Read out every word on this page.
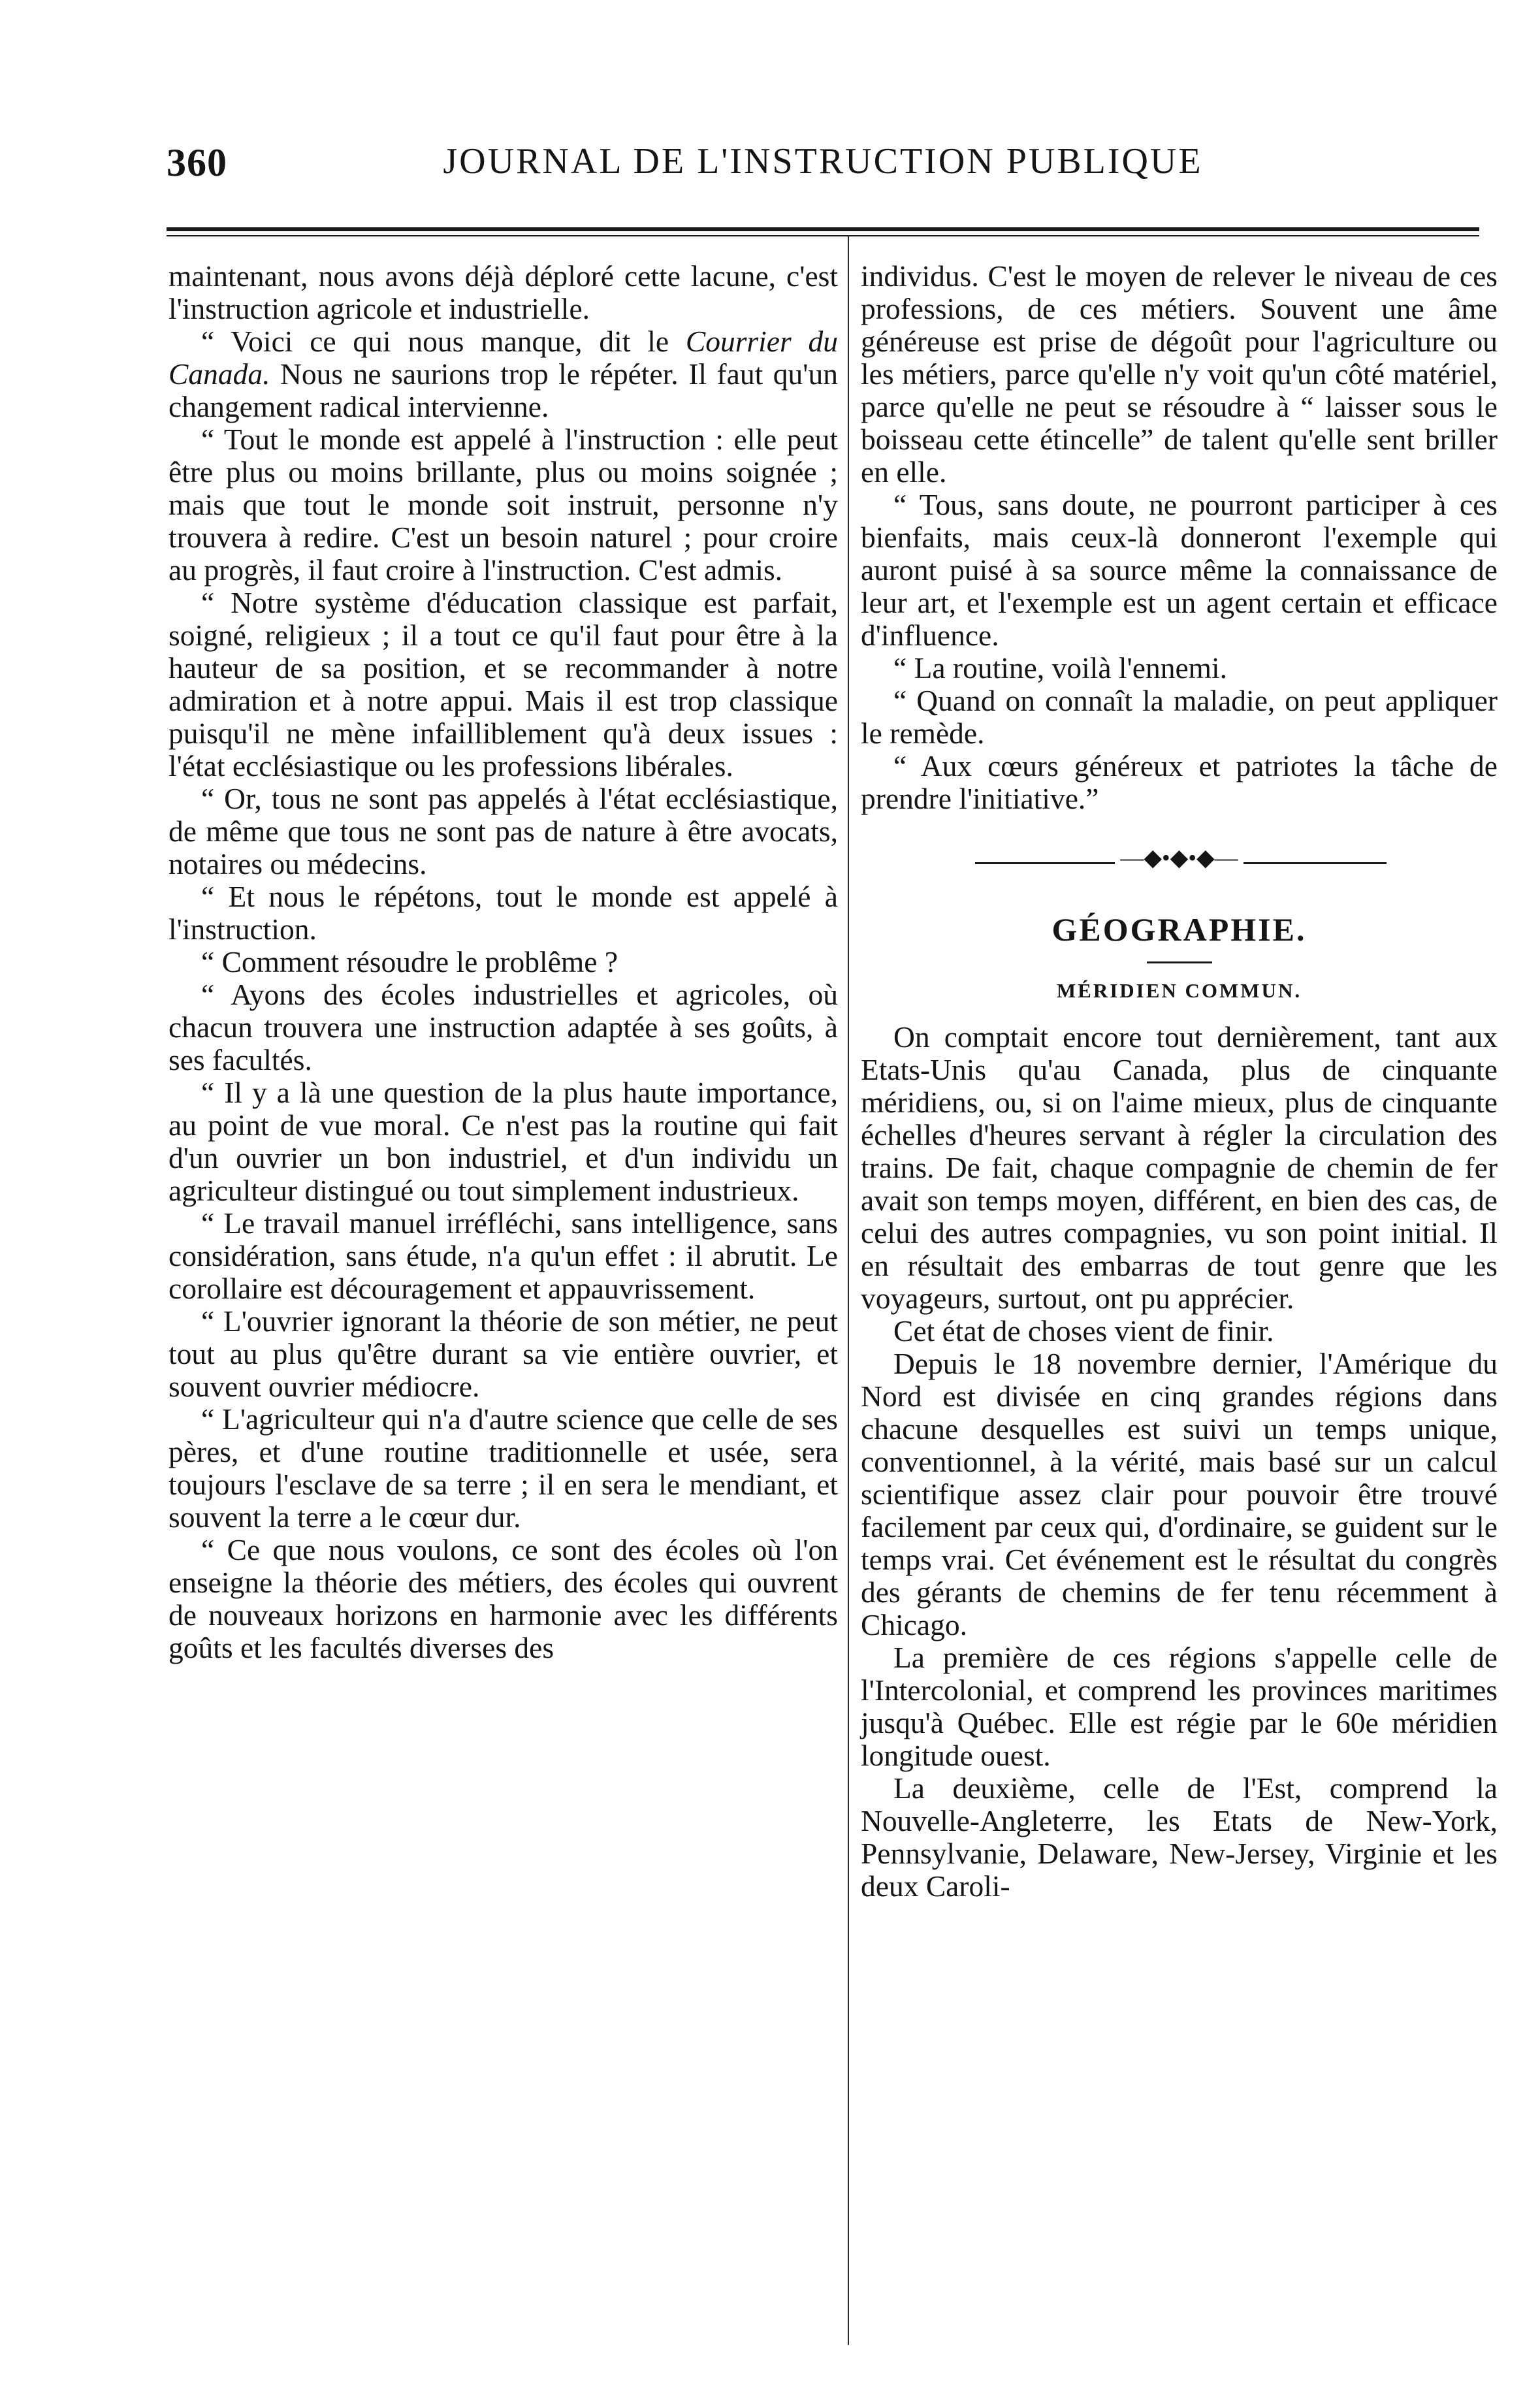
360	JOURNAL DE L'INSTRUCTION PUBLIQUE

maintenant, nous avons déjà déploré cette lacune, c'est l'instruction agricole et industrielle.

“ Voici ce qui nous manque, dit le Courrier du Canada. Nous ne saurions trop le répéter. Il faut qu'un changement radical intervienne.

“ Tout le monde est appelé à l'instruction : elle peut être plus ou moins brillante, plus ou moins soignée ; mais que tout le monde soit instruit, personne n'y trouvera à redire. C'est un besoin naturel ; pour croire au progrès, il faut croire à l'instruction. C'est admis.

“ Notre système d'éducation classique est parfait, soigné, religieux ; il a tout ce qu'il faut pour être à la hauteur de sa position, et se recommander à notre admiration et à notre appui. Mais il est trop classique puisqu'il ne mène infailliblement qu'à deux issues : l'état ecclésiastique ou les professions libérales.

“ Or, tous ne sont pas appelés à l'état ecclésiastique, de même que tous ne sont pas de nature à être avocats, notaires ou médecins.

“ Et nous le répétons, tout le monde est appelé à l'instruction.

“ Comment résoudre le problême ?

“ Ayons des écoles industrielles et agricoles, où chacun trouvera une instruction adaptée à ses goûts, à ses facultés.

“ Il y a là une question de la plus haute importance, au point de vue moral. Ce n'est pas la routine qui fait d'un ouvrier un bon industriel, et d'un individu un agriculteur distingué ou tout simplement industrieux.

“ Le travail manuel irréfléchi, sans intelligence, sans considération, sans étude, n'a qu'un effet : il abrutit. Le corollaire est découragement et appauvrissement.

“ L'ouvrier ignorant la théorie de son métier, ne peut tout au plus qu'être durant sa vie entière ouvrier, et souvent ouvrier médiocre.

“ L'agriculteur qui n'a d'autre science que celle de ses pères, et d'une routine traditionnelle et usée, sera toujours l'esclave de sa terre ; il en sera le mendiant, et souvent la terre a le cœur dur.

“ Ce que nous voulons, ce sont des écoles où l'on enseigne la théorie des métiers, des écoles qui ouvrent de nouveaux horizons en harmonie avec les différents goûts et les facultés diverses des

individus. C'est le moyen de relever le niveau de ces professions, de ces métiers. Souvent une âme généreuse est prise de dégoût pour l'agriculture ou les métiers, parce qu'elle n'y voit qu'un côté matériel, parce qu'elle ne peut se résoudre à “ laisser sous le boisseau cette étincelle” de talent qu'elle sent briller en elle.

“ Tous, sans doute, ne pourront participer à ces bienfaits, mais ceux-là donneront l'exemple qui auront puisé à sa source même la connaissance de leur art, et l'exemple est un agent certain et efficace d'influence.

“ La routine, voilà l'ennemi.

“ Quand on connaît la maladie, on peut appliquer le remède.

“ Aux cœurs généreux et patriotes la tâche de prendre l'initiative.”

—◆•◆•◆—
GÉOGRAPHIE.
MÉRIDIEN COMMUN.

On comptait encore tout dernièrement, tant aux Etats-Unis qu'au Canada, plus de cinquante méridiens, ou, si on l'aime mieux, plus de cinquante échelles d'heures servant à régler la circulation des trains. De fait, chaque compagnie de chemin de fer avait son temps moyen, différent, en bien des cas, de celui des autres compagnies, vu son point initial. Il en résultait des embarras de tout genre que les voyageurs, surtout, ont pu apprécier.

Cet état de choses vient de finir.

Depuis le 18 novembre dernier, l'Amérique du Nord est divisée en cinq grandes régions dans chacune desquelles est suivi un temps unique, conventionnel, à la vérité, mais basé sur un calcul scientifique assez clair pour pouvoir être trouvé facilement par ceux qui, d'ordinaire, se guident sur le temps vrai. Cet événement est le résultat du congrès des gérants de chemins de fer tenu récemment à Chicago.

La première de ces régions s'appelle celle de l'Intercolonial, et comprend les provinces maritimes jusqu'à Québec. Elle est régie par le 60e méridien longitude ouest.

La deuxième, celle de l'Est, comprend la Nouvelle-Angleterre, les Etats de New-York, Pennsylvanie, Delaware, New-Jersey, Virginie et les deux Caroli-
